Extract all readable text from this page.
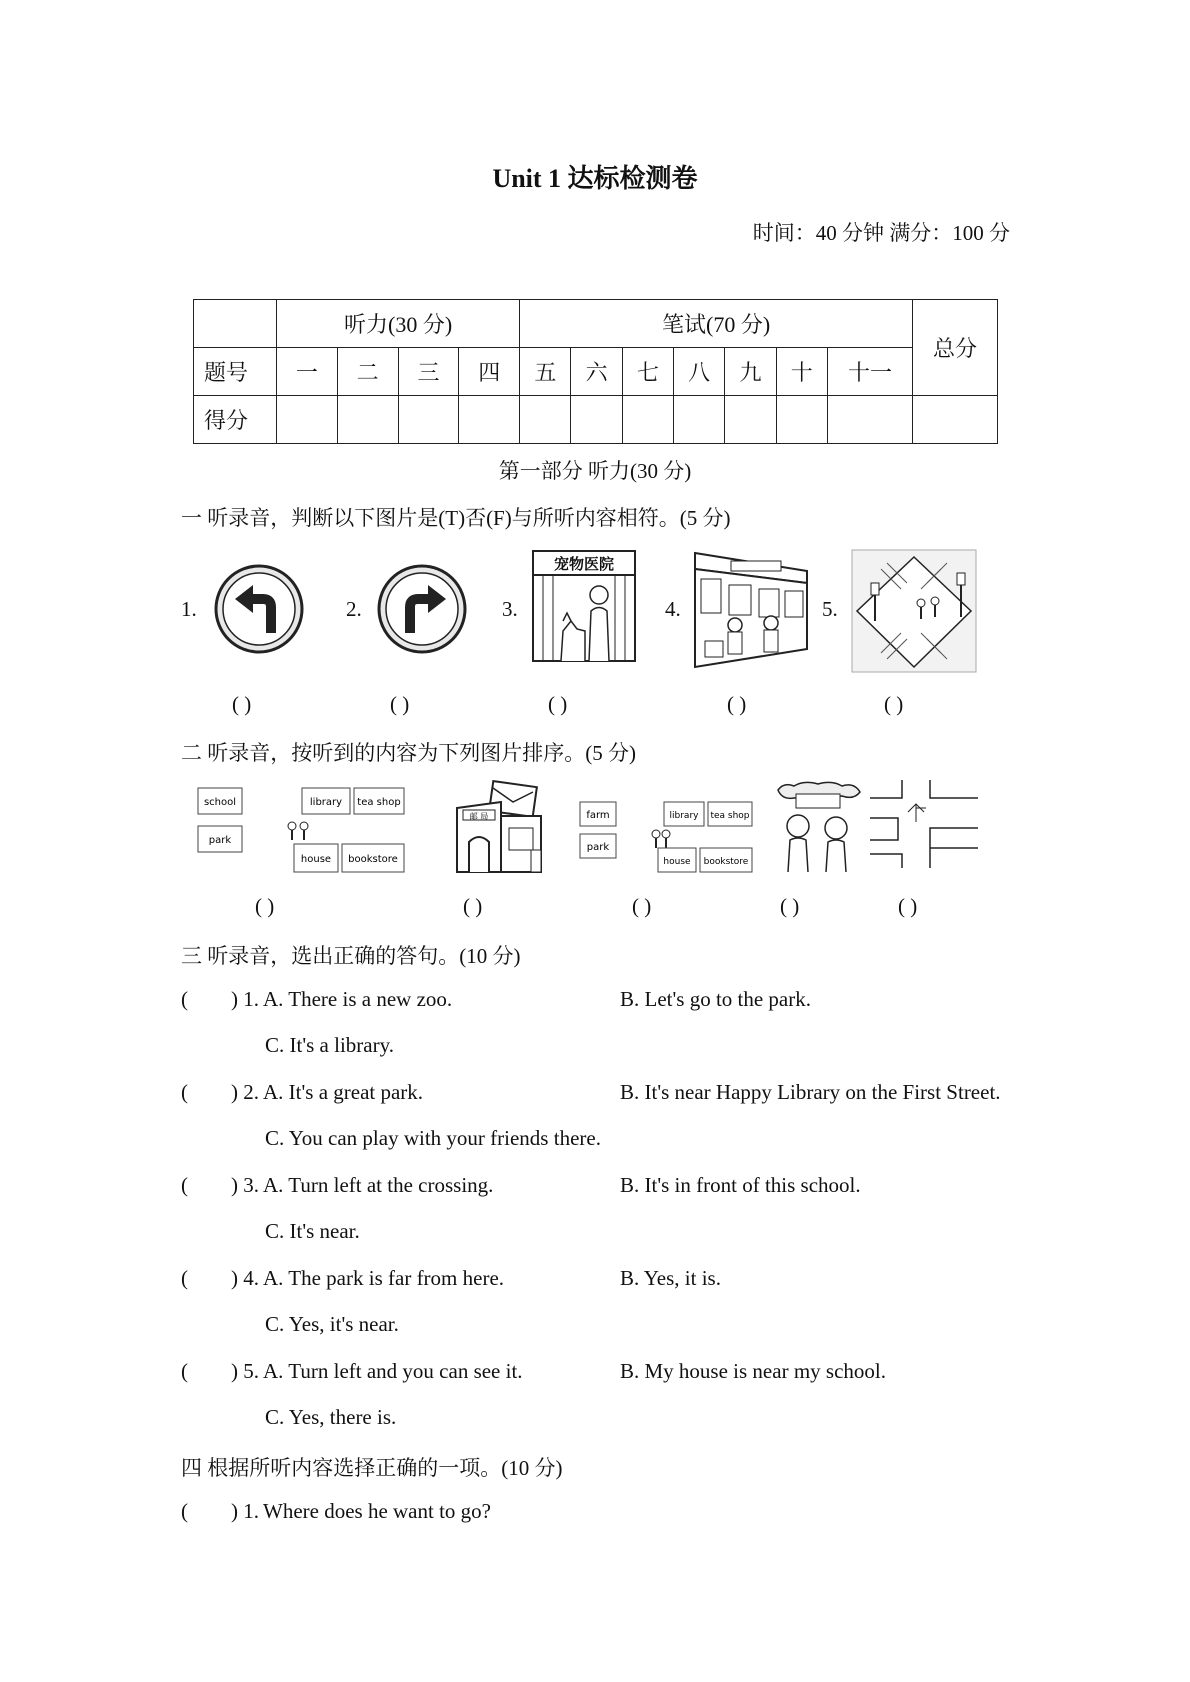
Unit 1 达标检测卷
时间：40 分钟 满分：100 分
	听力(30 分)				笔试(70 分)							总分
题号	一	二	三	四	五	六	七	八	九	十	十一	
得分												
第一部分 听力(30 分)
一 听录音，判断以下图片是(T)否(F)与所听内容相符。(5 分)
1.	2.	3.
宠物医院
4.	5.
( )	( )	( )	( )	( )
二 听录音，按听到的内容为下列图片排序。(5 分)
school
park
library tea shop
house bookstore
邮 局	farm
park
library tea shop
house bookstore
( )	( )	( )	( )	( )
三 听录音，选出正确的答句。(10 分)
( ) 1. A. There is a new zoo.	B. Let's go to the park.
C. It's a library.
( ) 2. A. It's a great park.	B. It's near Happy Library on the First Street.
C. You can play with your friends there.
( ) 3. A. Turn left at the crossing.	B. It's in front of this school.
C. It's near.
( ) 4. A. The park is far from here.	B. Yes, it is.
C. Yes, it's near.
( ) 5. A. Turn left and you can see it.	B. My house is near my school.
C. Yes, there is.
四 根据所听内容选择正确的一项。(10 分)
( ) 1. Where does he want to go?
